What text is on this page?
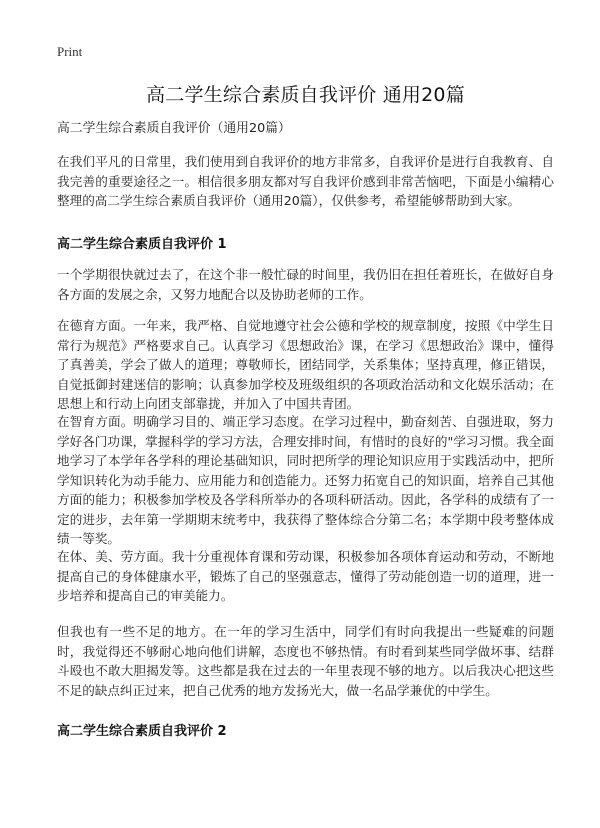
Print
高二学生综合素质自我评价 通用20篇

高二学生综合素质自我评价（通用20篇）

在我们平凡的日常里，我们使用到自我评价的地方非常多，自我评价是进行自我教育、自我完善的重要途径之一。相信很多朋友都对写自我评价感到非常苦恼吧，下面是小编精心整理的高二学生综合素质自我评价（通用20篇），仅供参考，希望能够帮助到大家。

高二学生综合素质自我评价 1

一个学期很快就过去了，在这个非一般忙碌的时间里，我仍旧在担任着班长，在做好自身各方面的发展之余，又努力地配合以及协助老师的工作。

在德育方面。一年来，我严格、自觉地遵守社会公德和学校的规章制度，按照《中学生日常行为规范》严格要求自己。认真学习《思想政治》课，在学习《思想政治》课中，懂得了真善美，学会了做人的道理；尊敬师长，团结同学，关系集体；坚持真理，修正错误，自觉抵御封建迷信的影响；认真参加学校及班级组织的各项政治活动和文化娱乐活动；在思想上和行动上向团支部靠拢，并加入了中国共青团。

在智育方面。明确学习目的、端正学习态度。在学习过程中，勤奋刻苦、自强进取，努力学好各门功课，掌握科学的学习方法，合理安排时间，有惜时的良好的"学习习惯。我全面地学习了本学年各学科的理论基础知识，同时把所学的理论知识应用于实践活动中，把所学知识转化为动手能力、应用能力和创造能力。还努力拓宽自己的知识面，培养自己其他方面的能力；积极参加学校及各学科所举办的各项科研活动。因此，各学科的成绩有了一定的进步，去年第一学期期末统考中，我获得了整体综合分第二名；本学期中段考整体成绩一等奖。

在体、美、劳方面。我十分重视体育课和劳动课，积极参加各项体育运动和劳动，不断地提高自己的身体健康水平，锻炼了自己的坚强意志，懂得了劳动能创造一切的道理，进一步培养和提高自己的审美能力。

但我也有一些不足的地方。在一年的学习生活中，同学们有时向我提出一些疑难的问题时，我觉得还不够耐心地向他们讲解，态度也不够热情。有时看到某些同学做坏事、结群斗殴也不敢大胆揭发等。这些都是我在过去的一年里表现不够的地方。以后我决心把这些不足的缺点纠正过来，把自己优秀的地方发扬光大，做一名品学兼优的中学生。

高二学生综合素质自我评价 2
